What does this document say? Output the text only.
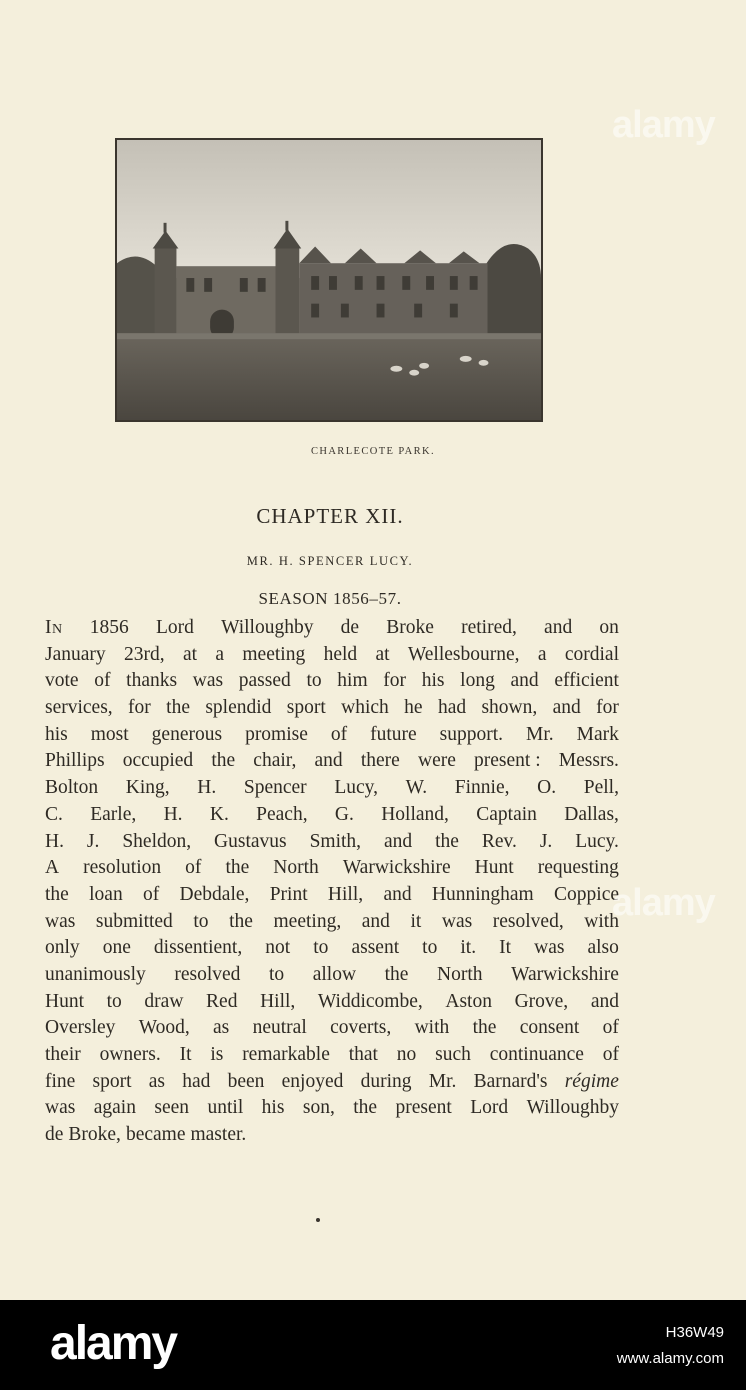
CHARLECOTE PARK.
CHAPTER XII.
MR. H. SPENCER LUCY.
SEASON 1856–57.
In 1856 Lord Willoughby de Broke retired, and on
January 23rd, at a meeting held at Wellesbourne, a cordial
vote of thanks was passed to him for his long and efficient
services, for the splendid sport which he had shown, and for
his most generous promise of future support. Mr. Mark
Phillips occupied the chair, and there were present : Messrs.
Bolton King, H. Spencer Lucy, W. Finnie, O. Pell,
C. Earle, H. K. Peach, G. Holland, Captain Dallas,
H. J. Sheldon, Gustavus Smith, and the Rev. J. Lucy.
A resolution of the North Warwickshire Hunt requesting
the loan of Debdale, Print Hill, and Hunningham Coppice
was submitted to the meeting, and it was resolved, with
only one dissentient, not to assent to it. It was also
unanimously resolved to allow the North Warwickshire
Hunt to draw Red Hill, Widdicombe, Aston Grove, and
Oversley Wood, as neutral coverts, with the consent of
their owners. It is remarkable that no such continuance of
fine sport as had been enjoyed during Mr. Barnard's régime
was again seen until his son, the present Lord Willoughby
de Broke, became master.
alamy
alamy
alamy	H36W49
www.alamy.com
